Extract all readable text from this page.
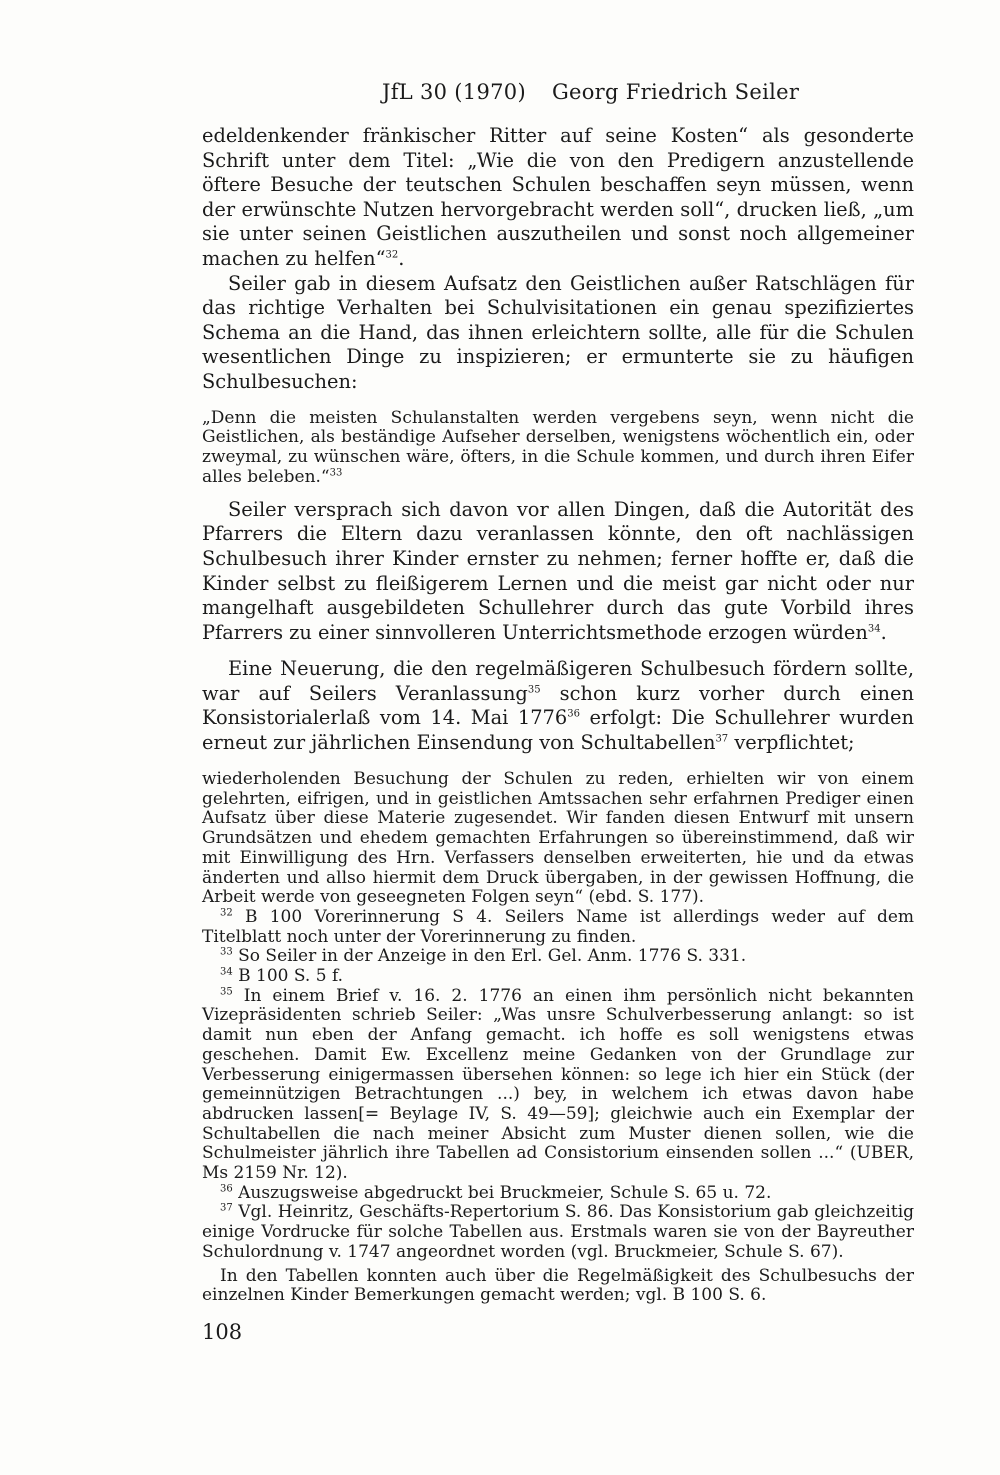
JfL 30 (1970) Georg Friedrich Seiler

edeldenkender fränkischer Ritter auf seine Kosten“ als gesonderte Schrift unter dem Titel: „Wie die von den Predigern anzustellende öftere Besuche der teutschen Schulen beschaffen seyn müssen, wenn der erwünschte Nutzen hervorgebracht werden soll“, drucken ließ, „um sie unter seinen Geistlichen auszutheilen und sonst noch allgemeiner machen zu helfen“$^{32}$.

Seiler gab in diesem Aufsatz den Geistlichen außer Ratschlägen für das richtige Verhalten bei Schulvisitationen ein genau spezifiziertes Schema an die Hand, das ihnen erleichtern sollte, alle für die Schulen wesentlichen Dinge zu inspizieren; er ermunterte sie zu häufigen Schulbesuchen:

„Denn die meisten Schulanstalten werden vergebens seyn, wenn nicht die Geistlichen, als beständige Aufseher derselben, wenigstens wöchentlich ein, oder zweymal, zu wünschen wäre, öfters, in die Schule kommen, und durch ihren Eifer alles beleben.“$^{33}$

Seiler versprach sich davon vor allen Dingen, daß die Autorität des Pfarrers die Eltern dazu veranlassen könnte, den oft nachlässigen Schulbesuch ihrer Kinder ernster zu nehmen; ferner hoffte er, daß die Kinder selbst zu fleißigerem Lernen und die meist gar nicht oder nur mangelhaft ausgebildeten Schullehrer durch das gute Vorbild ihres Pfarrers zu einer sinnvolleren Unterrichtsmethode erzogen würden$^{34}$.

Eine Neuerung, die den regelmäßigeren Schulbesuch fördern sollte, war auf Seilers Veranlassung$^{35}$ schon kurz vorher durch einen Konsistorialerlaß vom 14. Mai 1776$^{36}$ erfolgt: Die Schullehrer wurden erneut zur jährlichen Einsendung von Schultabellen$^{37}$ verpflichtet;

wiederholenden Besuchung der Schulen zu reden, erhielten wir von einem gelehrten, eifrigen, und in geistlichen Amtssachen sehr erfahrnen Prediger einen Aufsatz über diese Materie zugesendet. Wir fanden diesen Entwurf mit unsern Grundsätzen und ehedem gemachten Erfahrungen so übereinstimmend, daß wir mit Einwilligung des Hrn. Verfassers denselben erweiterten, hie und da etwas änderten und allso hiermit dem Druck übergaben, in der gewissen Hoffnung, die Arbeit werde von geseegneten Folgen seyn“ (ebd. S. 177).

$^{32}$ B 100 Vorerinnerung S 4. Seilers Name ist allerdings weder auf dem Titelblatt noch unter der Vorerinnerung zu finden.

$^{33}$ So Seiler in der Anzeige in den Erl. Gel. Anm. 1776 S. 331.

$^{34}$ B 100 S. 5 f.

$^{35}$ In einem Brief v. 16. 2. 1776 an einen ihm persönlich nicht bekannten Vizepräsidenten schrieb Seiler: „Was unsre Schulverbesserung anlangt: so ist damit nun eben der Anfang gemacht. ich hoffe es soll wenigstens etwas geschehen. Damit Ew. Excellenz meine Gedanken von der Grundlage zur Verbesserung einigermassen übersehen können: so lege ich hier ein Stück (der gemeinnützigen Betrachtungen ...) bey, in welchem ich etwas davon habe abdrucken lassen[= Beylage IV, S. 49—59]; gleichwie auch ein Exemplar der Schultabellen die nach meiner Absicht zum Muster dienen sollen, wie die Schulmeister jährlich ihre Tabellen ad Consistorium einsenden sollen ...“ (UBER, Ms 2159 Nr. 12).

$^{36}$ Auszugsweise abgedruckt bei Bruckmeier, Schule S. 65 u. 72.

$^{37}$ Vgl. Heinritz, Geschäfts-Repertorium S. 86. Das Konsistorium gab gleichzeitig einige Vordrucke für solche Tabellen aus. Erstmals waren sie von der Bayreuther Schulordnung v. 1747 angeordnet worden (vgl. Bruckmeier, Schule S. 67).

In den Tabellen konnten auch über die Regelmäßigkeit des Schulbesuchs der einzelnen Kinder Bemerkungen gemacht werden; vgl. B 100 S. 6.

108
